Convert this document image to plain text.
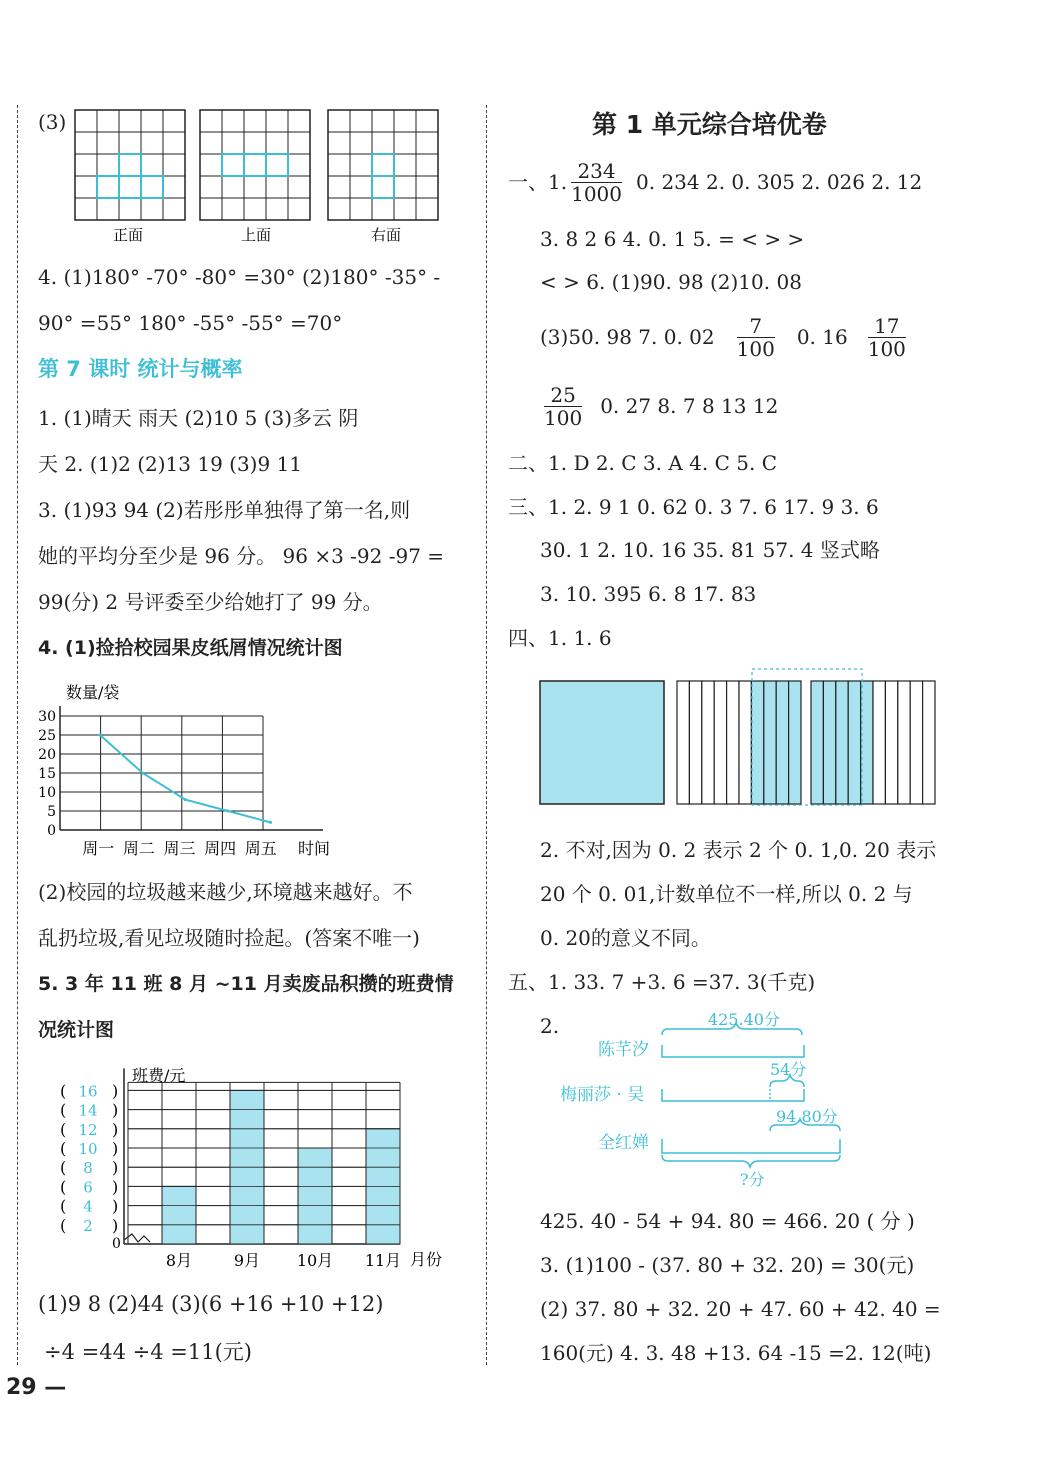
(3)
正面	上面	右面
4. (1)180° -70° -80° =30° (2)180° -35° -
90° =55° 180° -55° -55° =70°
第 7 课时 统计与概率
1. (1)晴天 雨天 (2)10 5 (3)多云 阴
天 2. (1)2 (2)13 19 (3)9 11
3. (1)93 94 (2)若彤彤单独得了第一名,则
她的平均分至少是 96 分。 96 ×3 -92 -97 =
99(分) 2 号评委至少给她打了 99 分。
4. (1)捡拾校园果皮纸屑情况统计图
数量/袋
时间
0
5
10
15
20
25
30
周一 周二 周三 周四 周五
(2)校园的垃圾越来越少,环境越来越好。不
乱扔垃圾,看见垃圾随时捡起。(答案不唯一)
5. 3 年 11 班 8 月 ~11 月卖废品积攒的班费情
况统计图
班费/元
月份
0
2
(	)
4
(	)
6
(	)
8
(	)
10
(	)
12
(	)
14
(	)
16
(	)
8月	9月 10月 11月
(1)9 8 (2)44 (3)(6 +16 +10 +12)
÷4 =44 ÷4 =11(元)
29 —
第 1 单元综合培优卷
一、1. $\frac{234}{1000} 0$. 234 2. 0. 305 2. 026 2. 12
3. 8 2 6 4. 0. 1 5. = < > >
< > 6. (1)90. 98 (2)10. 08
(3)50. 98 7. 0. $02 \frac{7}{100} 0$. $16 \frac{17}{100}$
$\frac{25}{100} 0$. 27 8. 7 8 13 12
二、1. D 2. C 3. A 4. C 5. C
三、1. 2. 9 1 0. 62 0. 3 7. 6 17. 9 3. 6
30. 1 2. 10. 16 35. 81 57. 4 竖式略
3. 10. 395 6. 8 17. 83
四、1. 1. 6
2. 不对,因为 0. 2 表示 2 个 0. 1,0. 20 表示
20 个 0. 01,计数单位不一样,所以 0. 2 与
0. 20的意义不同。
五、1. 33. 7 +3. 6 =37. 3(千克)
2.
陈芊汐
梅丽莎 · 吴
全红婵
425.40分
54分
94.80分
?分
425. 40 - 54 + 94. 80 = 466. 20 ( 分 )
3. (1)100 - (37. 80 + 32. 20) = 30(元)
(2) 37. 80 + 32. 20 + 47. 60 + 42. 40 =
160(元) 4. 3. 48 +13. 64 -15 =2. 12(吨)
